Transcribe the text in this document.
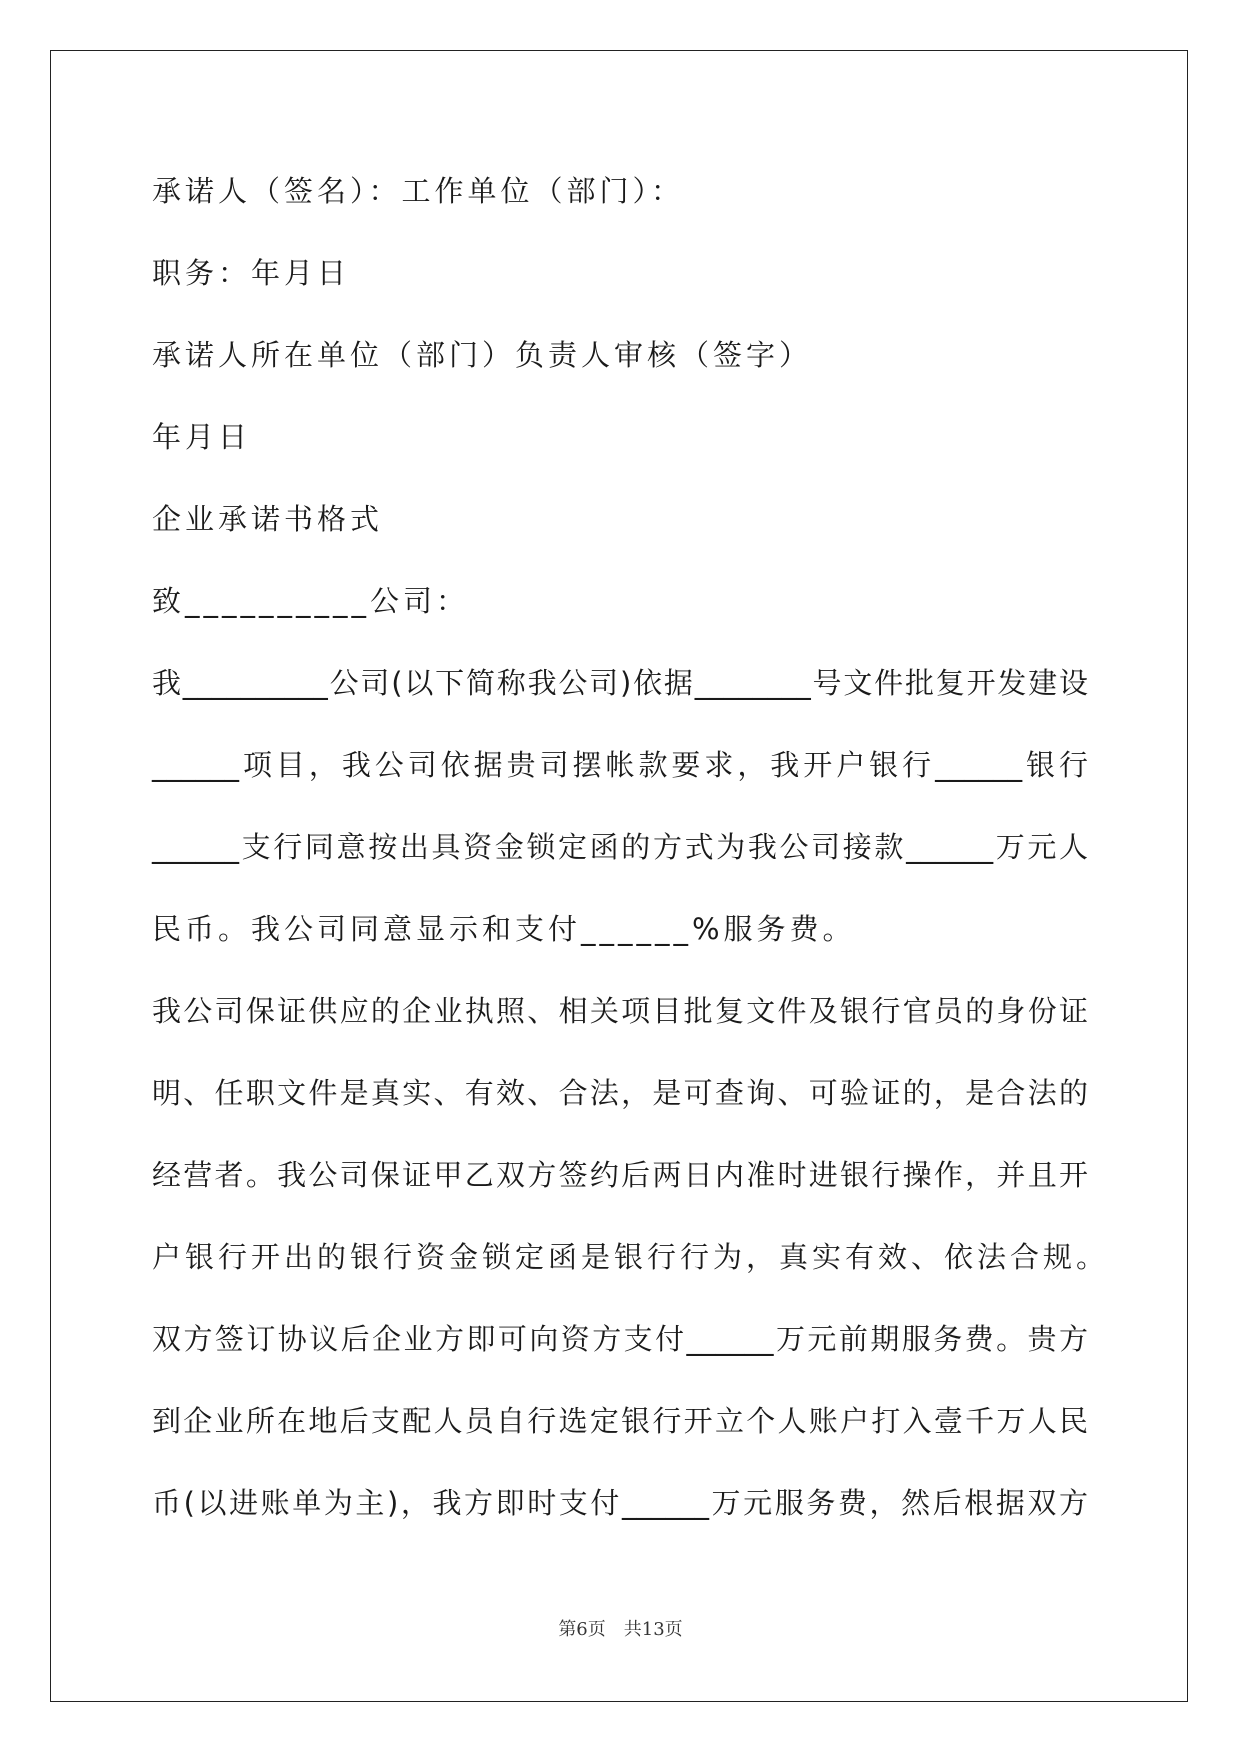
承诺人（签名）：工作单位（部门）：
职务：年月日
承诺人所在单位（部门）负责人审核（签字）
年月日
企业承诺书格式
致__________公司：
我__________公司(以下简称我公司)依据________号文件批复开发建设
______项目，我公司依据贵司摆帐款要求，我开户银行______银行
______支行同意按出具资金锁定函的方式为我公司接款______万元人
民币。我公司同意显示和支付______%服务费。
我公司保证供应的企业执照、相关项目批复文件及银行官员的身份证
明、任职文件是真实、有效、合法，是可查询、可验证的，是合法的
经营者。我公司保证甲乙双方签约后两日内准时进银行操作，并且开
户银行开出的银行资金锁定函是银行行为，真实有效、依法合规。
双方签订协议后企业方即可向资方支付______万元前期服务费。贵方
到企业所在地后支配人员自行选定银行开立个人账户打入壹千万人民
币(以进账单为主)，我方即时支付______万元服务费，然后根据双方
第6页　共13页
